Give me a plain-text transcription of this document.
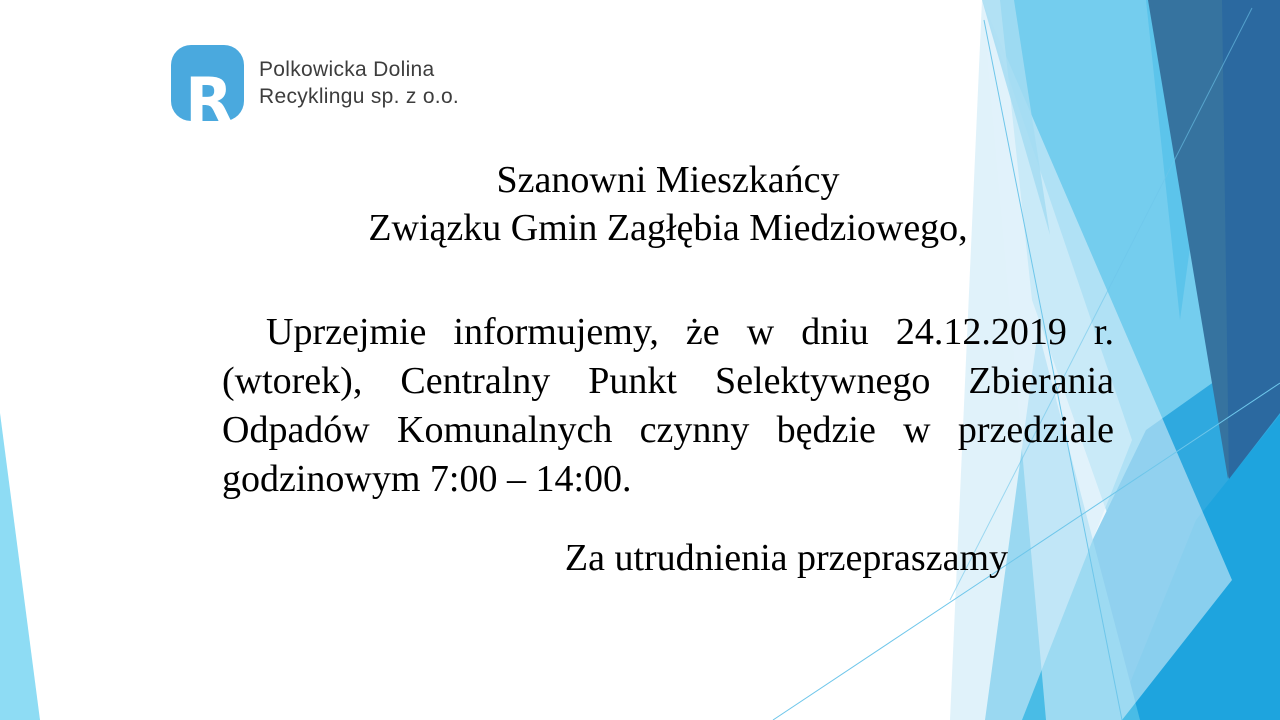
R Polkowicka Dolina
Recyklingu sp. z o.o.
Szanowni Mieszkańcy
Związku Gmin Zagłębia Miedziowego,
Uprzejmie informujemy, że w dniu 24.12.2019 r. (wtorek), Centralny Punkt Selektywnego Zbierania Odpadów Komunalnych czynny będzie w przedziale godzinowym 7:00 – 14:00.
Za utrudnienia przepraszamy
